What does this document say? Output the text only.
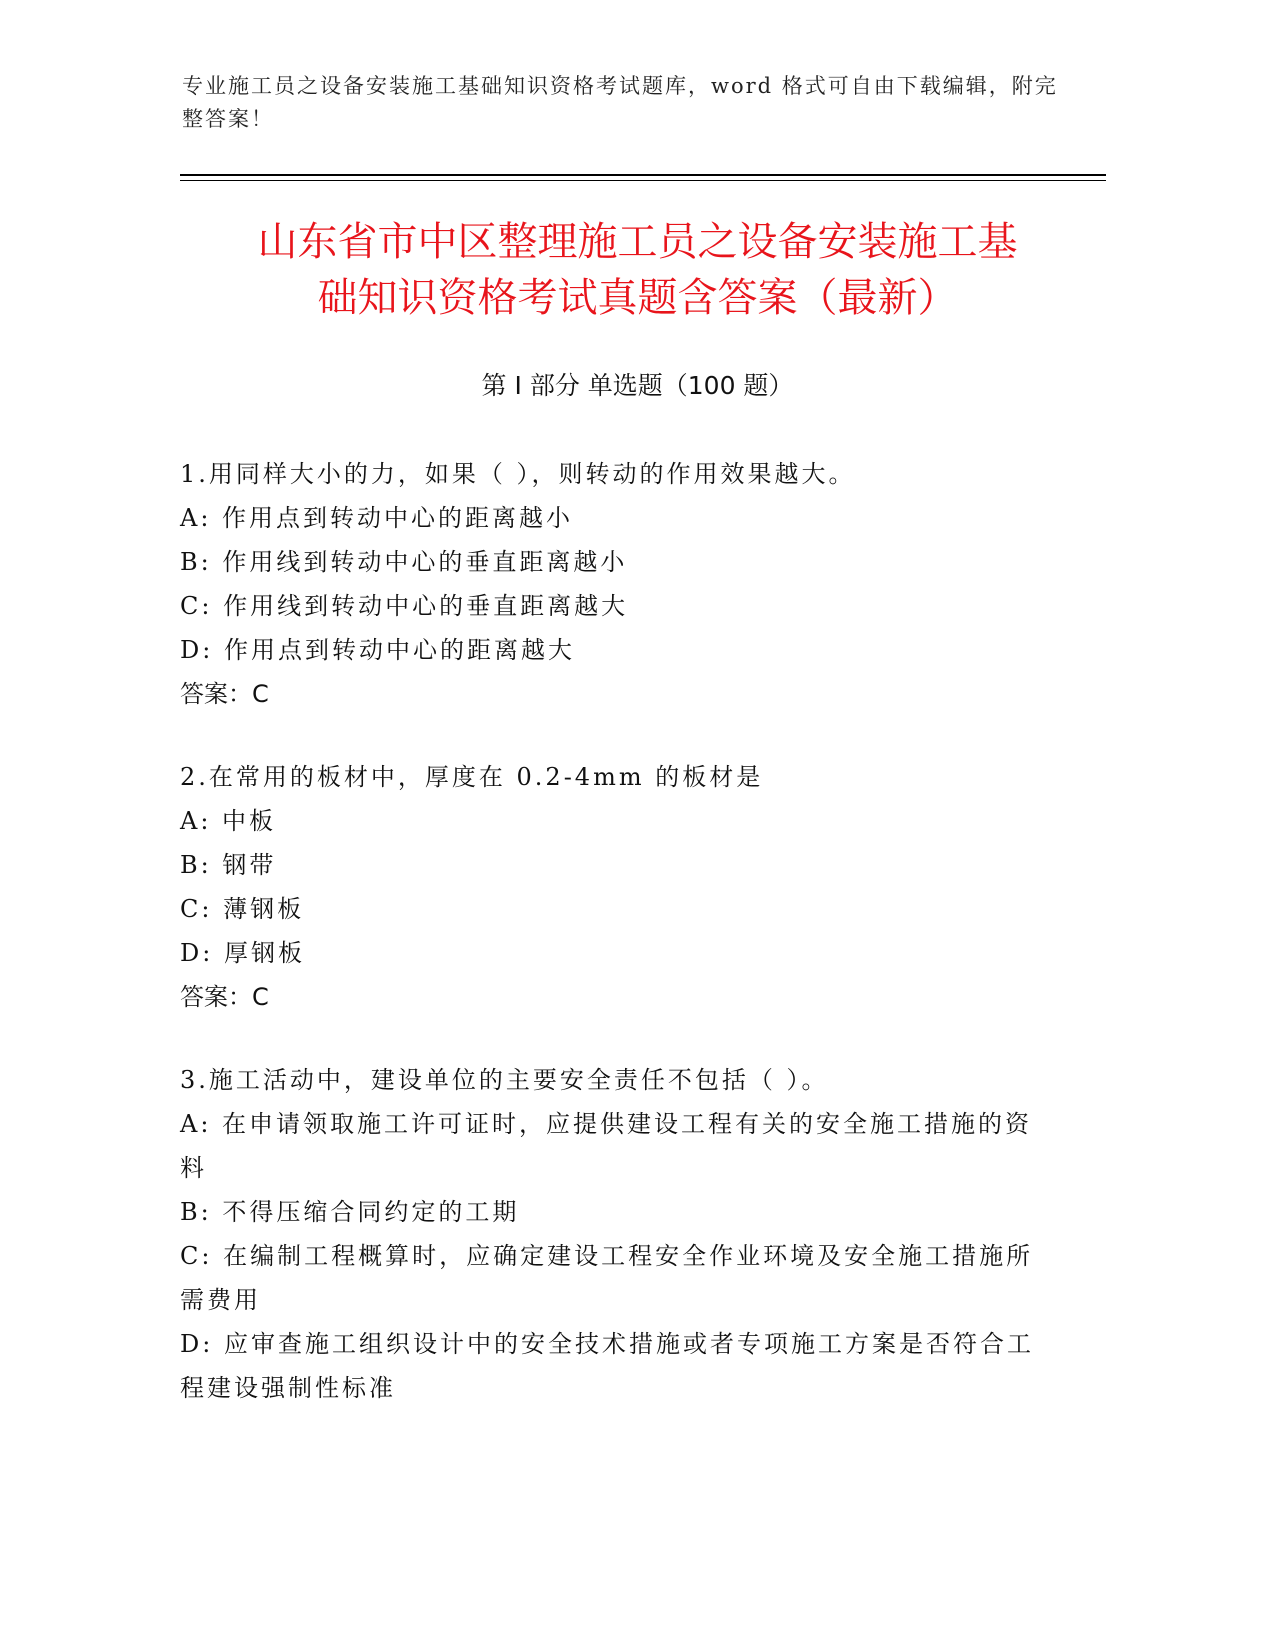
专业施工员之设备安装施工基础知识资格考试题库，word 格式可自由下载编辑，附完整答案！
山东省市中区整理施工员之设备安装施工基
础知识资格考试真题含答案（最新）
第 I 部分 单选题（100 题）
1.用同样大小的力，如果（ ），则转动的作用效果越大。
A: 作用点到转动中心的距离越小
B: 作用线到转动中心的垂直距离越小
C: 作用线到转动中心的垂直距离越大
D: 作用点到转动中心的距离越大
答案：C
2.在常用的板材中，厚度在 0.2-4mm 的板材是
A: 中板
B: 钢带
C: 薄钢板
D: 厚钢板
答案：C
3.施工活动中，建设单位的主要安全责任不包括（ ）。
A: 在申请领取施工许可证时，应提供建设工程有关的安全施工措施的资料
B: 不得压缩合同约定的工期
C: 在编制工程概算时，应确定建设工程安全作业环境及安全施工措施所需费用
D: 应审查施工组织设计中的安全技术措施或者专项施工方案是否符合工程建设强制性标准
